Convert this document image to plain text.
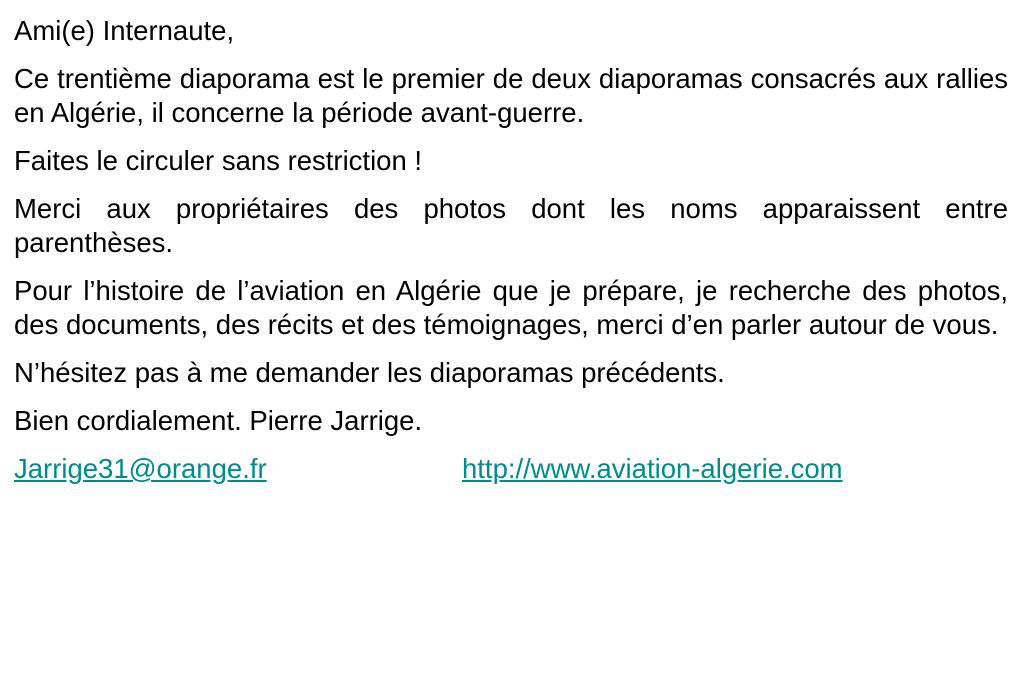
Ami(e) Internaute,

Ce trentième diaporama est le premier de deux diaporamas consacrés aux rallies en Algérie, il concerne la période avant-guerre.

Faites le circuler sans restriction !

Merci aux propriétaires des photos dont les noms apparaissent entre parenthèses.

Pour l’histoire de l’aviation en Algérie que je prépare, je recherche des photos, des documents, des récits et des témoignages, merci d’en parler autour de vous.

N’hésitez pas à me demander les diaporamas précédents.

Bien cordialement. Pierre Jarrige.

Jarrige31@orange.fr	http://www.aviation-algerie.com
